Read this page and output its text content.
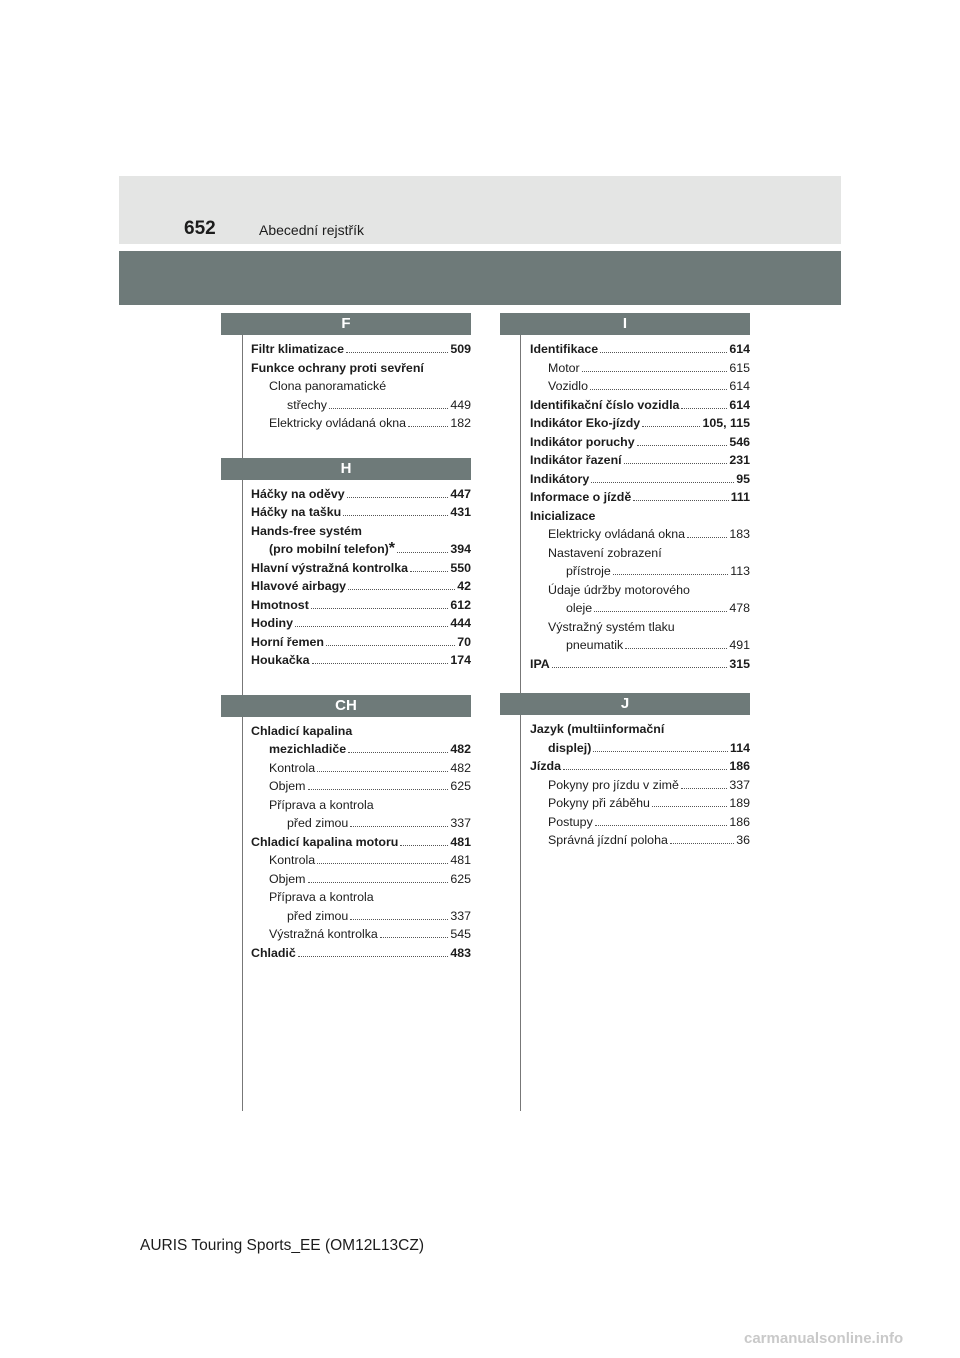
652	Abecední rejstřík
F
Filtr klimatizace	509
Funkce ochrany proti sevření
Clona panoramatické
střechy	449
Elektricky ovládaná okna	182
H
Háčky na oděvy	447
Háčky na tašku	431
Hands-free systém
(pro mobilní telefon) *	394
Hlavní výstražná kontrolka	550
Hlavové airbagy	42
Hmotnost	612
Hodiny	444
Horní řemen	70
Houkačka	174
CH
Chladicí kapalina
mezichladiče	482
Kontrola	482
Objem	625
Příprava a kontrola
před zimou	337
Chladicí kapalina motoru	481
Kontrola	481
Objem	625
Příprava a kontrola
před zimou	337
Výstražná kontrolka	545
Chladič	483
I
Identifikace	614
Motor	615
Vozidlo	614
Identifikační číslo vozidla	614
Indikátor Eko-jízdy	105, 115
Indikátor poruchy	546
Indikátor řazení	231
Indikátory	95
Informace o jízdě	111
Inicializace
Elektricky ovládaná okna	183
Nastavení zobrazení
přístroje	113
Údaje údržby motorového
oleje	478
Výstražný systém tlaku
pneumatik	491
IPA	315
J
Jazyk (multiinformační
displej)	114
Jízda	186
Pokyny pro jízdu v zimě	337
Pokyny při záběhu	189
Postupy	186
Správná jízdní poloha	36
AURIS Touring Sports_EE (OM12L13CZ)
carmanualsonline.info
